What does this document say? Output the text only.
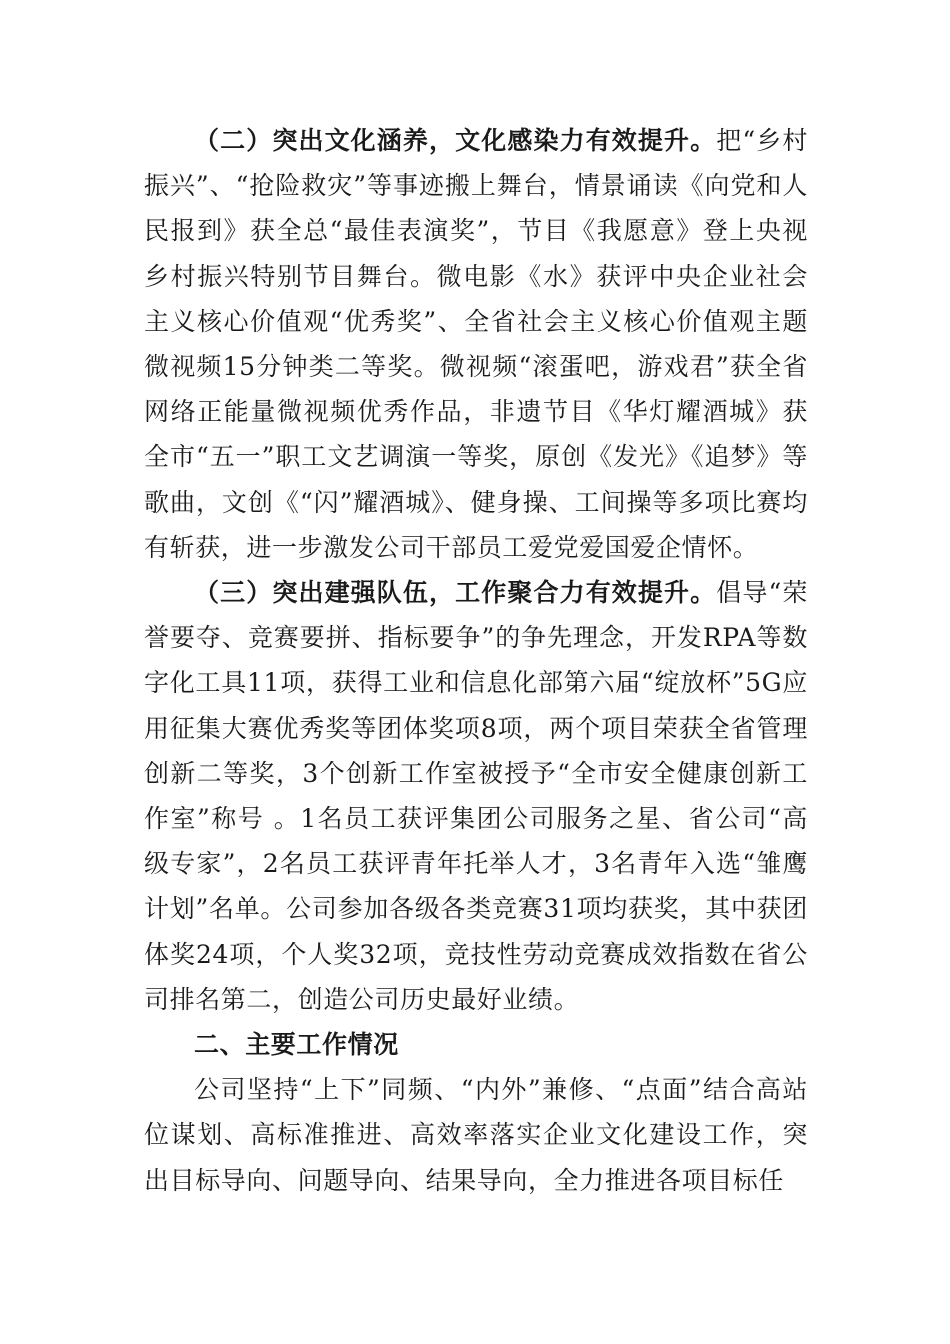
（二）突出文化涵养，文化感染力有效提升。把“乡村振兴”、“抢险救灾”等事迹搬上舞台，情景诵读《向党和人民报到》获全总“最佳表演奖”，节目《我愿意》登上央视乡村振兴特别节目舞台。微电影《水》获评中央企业社会主义核心价值观“优秀奖”、全省社会主义核心价值观主题微视频15分钟类二等奖。微视频“滚蛋吧，游戏君”获全省网络正能量微视频优秀作品，非遗节目《华灯耀酒城》获全市“五一”职工文艺调演一等奖，原创《发光》《追梦》等歌曲，文创《“闪”耀酒城》、健身操、工间操等多项比赛均有斩获，进一步激发公司干部员工爱党爱国爱企情怀。

（三）突出建强队伍，工作聚合力有效提升。倡导“荣誉要夺、竞赛要拼、指标要争”的争先理念，开发RPA等数字化工具11项，获得工业和信息化部第六届“绽放杯”5G应用征集大赛优秀奖等团体奖项8项，两个项目荣获全省管理创新二等奖，3个创新工作室被授予“全市安全健康创新工作室”称号 。1名员工获评集团公司服务之星、省公司“高级专家”，2名员工获评青年托举人才，3名青年入选“雏鹰计划”名单。公司参加各级各类竞赛31项均获奖，其中获团体奖24项，个人奖32项，竞技性劳动竞赛成效指数在省公司排名第二，创造公司历史最好业绩。

二、主要工作情况

公司坚持“上下”同频、“内外”兼修、“点面”结合高站位谋划、高标准推进、高效率落实企业文化建设工作，突出目标导向、问题导向、结果导向，全力推进各项目标任
